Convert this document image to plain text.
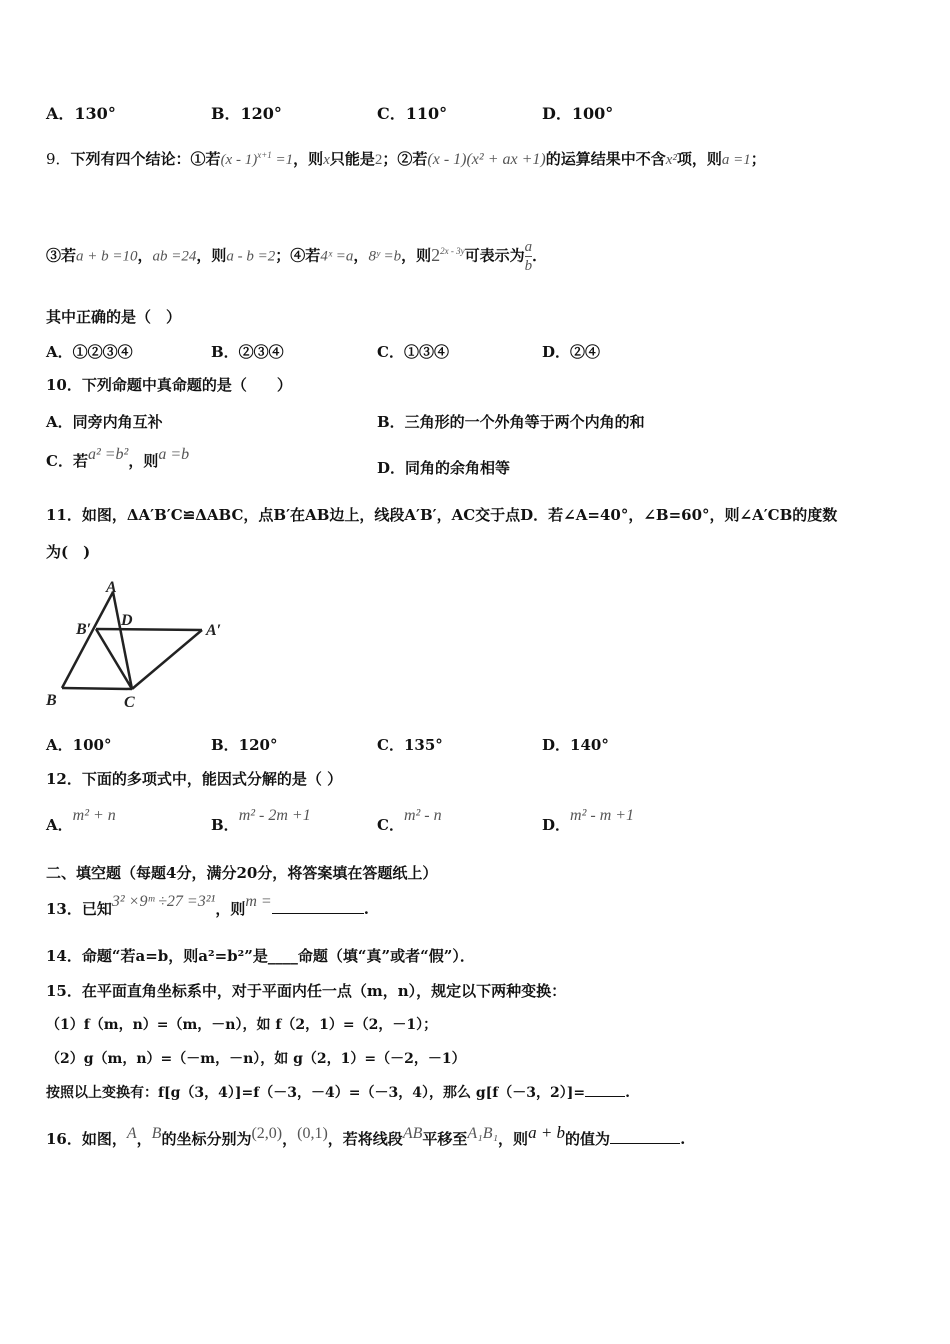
A．130°	B．120°	C．110°	D．100°
9．下列有四个结论：①若(x - 1)$^{x+1}$ =1，则x只能是2；②若(x - 1)(x² + ax +1)的运算结果中不含x²项，则a =1；
③若a + b =10，ab =24，则a - b =2；④若4ˣ =a，8ʸ =b，则$2^{2x - 3y}$可表示为 $\frac{a}{b}$ ．
其中正确的是（　）
A．①②③④	B．②③④	C．①③④	D．②④
10．下列命题中真命题的是（　　）
A．同旁内角互补	B．三角形的一个外角等于两个内角的和
C．若a² =b²，则a =b
D．同角的余角相等
11．如图，ΔA′B′C≌ΔABC，点B′在AB边上，线段A′B′，AC交于点D．若∠A=40°，∠B=60°，则∠A′CB的度数
为(　)
A
B′
D
A′
B	C
A．100°	B．120°	C．135°	D．140°
12．下面的多项式中，能因式分解的是（ ）
A．m² + n
B．m² - 2m +1
C．m² - n
D．m² - m +1
二、填空题（每题4分，满分20分，将答案填在答题纸上）
13．已知3² ×9ᵐ ÷27 =3²¹，则m =	.
14．命题“若a=b，则a²=b²”是____命题（填“真”或者“假”）．
15．在平面直角坐标系中，对于平面内任一点（m，n），规定以下两种变换：
（1）f（m，n）=（m，－n），如 f（2，1）=（2，－1）；
（2）g（m，n）=（－m，－n），如 g（2，1）=（－2，－1）
按照以上变换有：f[g（3，4）]=f（－3，－4）=（－3，4），那么 g[f（－3，2）]=	.
16．如图，A，B的坐标分别为(2,0)，(0,1)，若将线段AB平移至A₁B₁，则a + b的值为	.
